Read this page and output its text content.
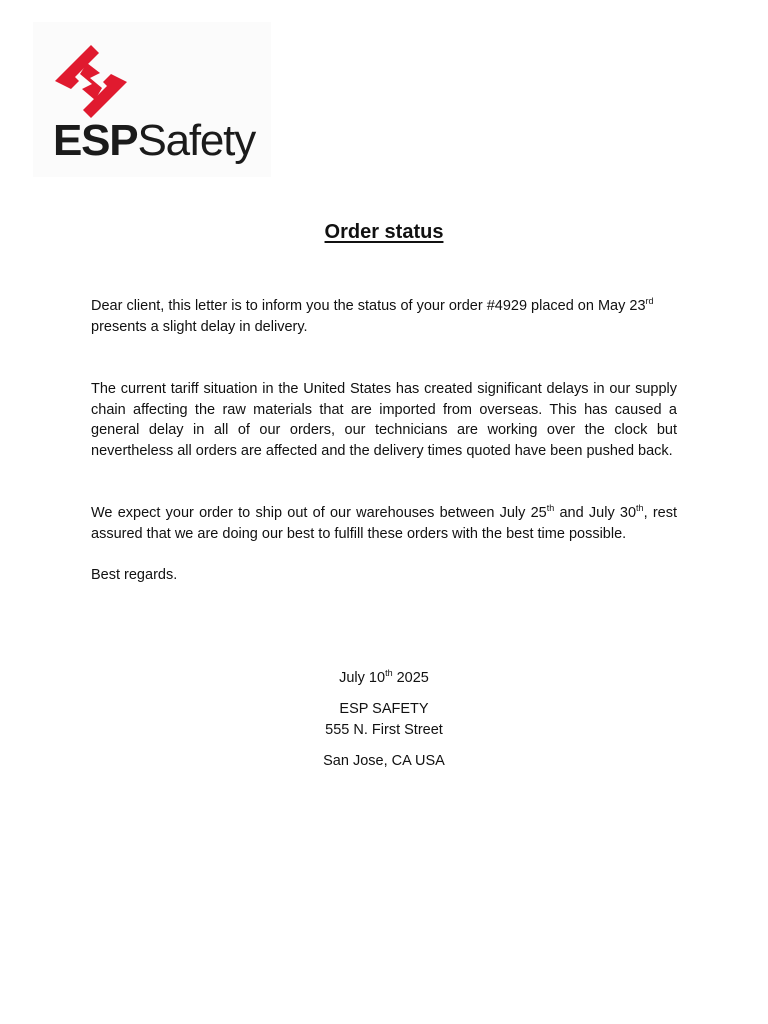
ESPSafety
Order status

Dear client, this letter is to inform you the status of your order #4929 placed on May 23rd presents a slight delay in delivery.

The current tariff situation in the United States has created significant delays in our supply chain affecting the raw materials that are imported from overseas. This has caused a general delay in all of our orders, our technicians are working over the clock but nevertheless all orders are affected and the delivery times quoted have been pushed back.

We expect your order to ship out of our warehouses between July 25th and July 30th, rest assured that we are doing our best to fulfill these orders with the best time possible.

Best regards.

July 10th 2025
ESP SAFETY
555 N. First Street
San Jose, CA USA
